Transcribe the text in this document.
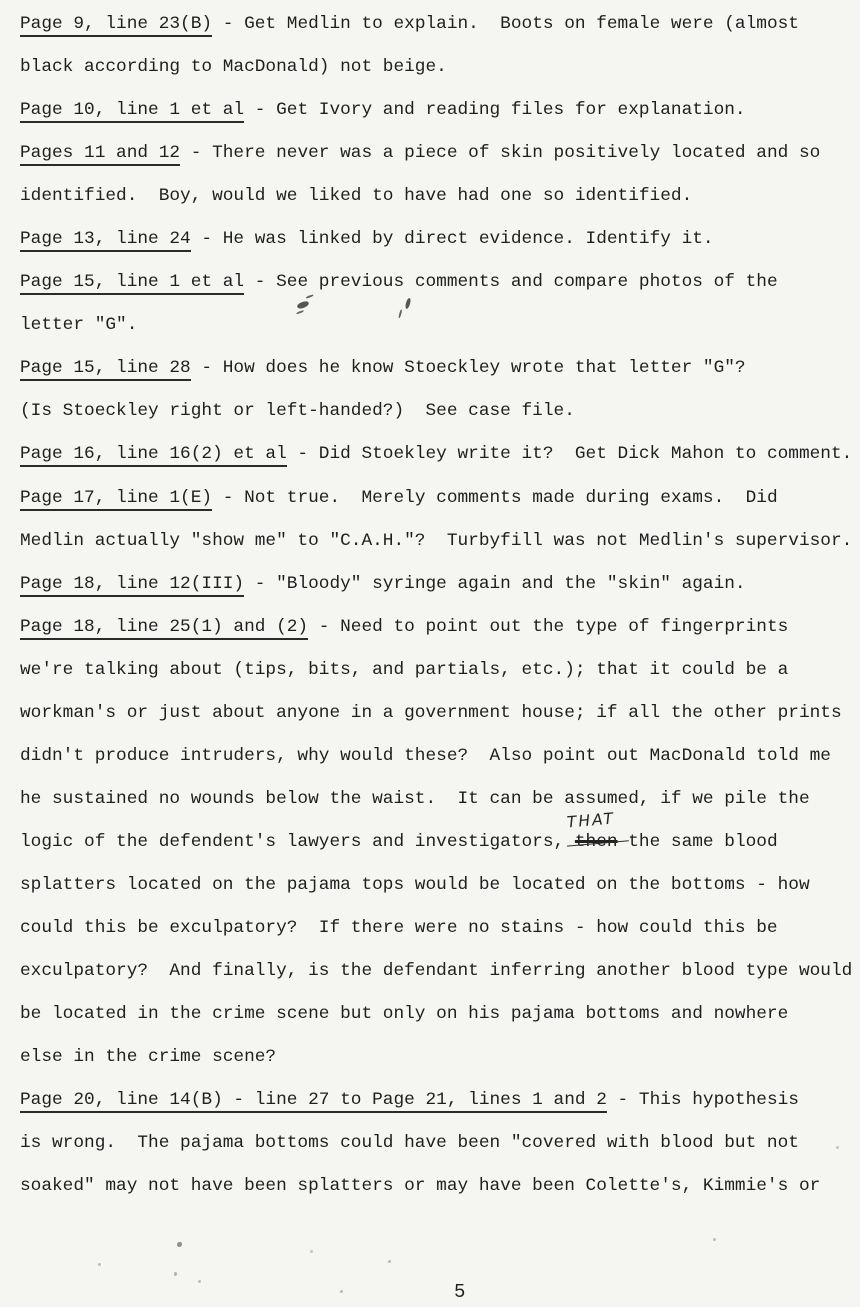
Page 9, line 23(B) - Get Medlin to explain.  Boots on female were (almost
black according to MacDonald) not beige.
Page 10, line 1 et al - Get Ivory and reading files for explanation.
Pages 11 and 12 - There never was a piece of skin positively located and so
identified.  Boy, would we liked to have had one so identified.
Page 13, line 24 - He was linked by direct evidence. Identify it.
Page 15, line 1 et al - See previous comments and compare photos of the
letter "G".
Page 15, line 28 - How does he know Stoeckley wrote that letter "G"?
(Is Stoeckley right or left-handed?)  See case file.
Page 16, line 16(2) et al - Did Stoekley write it?  Get Dick Mahon to comment.
Page 17, line 1(E) - Not true.  Merely comments made during exams.  Did
Medlin actually "show me" to "C.A.H."?  Turbyfill was not Medlin's supervisor.
Page 18, line 12(III) - "Bloody" syringe again and the "skin" again.
Page 18, line 25(1) and (2) - Need to point out the type of fingerprints
we're talking about (tips, bits, and partials, etc.); that it could be a
workman's or just about anyone in a government house; if all the other prints
didn't produce intruders, why would these?  Also point out MacDonald told me
he sustained no wounds below the waist.  It can be assumed, if we pile the
logic of the defendent's lawyers and investigators,
THAT
then the same blood
splatters located on the pajama tops would be located on the bottoms - how
could this be exculpatory?  If there were no stains - how could this be
exculpatory?  And finally, is the defendant inferring another blood type would
be located in the crime scene but only on his pajama bottoms and nowhere
else in the crime scene?
Page 20, line 14(B) - line 27 to Page 21, lines 1 and 2 - This hypothesis
is wrong.  The pajama bottoms could have been "covered with blood but not
soaked" may not have been splatters or may have been Colette's, Kimmie's or
5
